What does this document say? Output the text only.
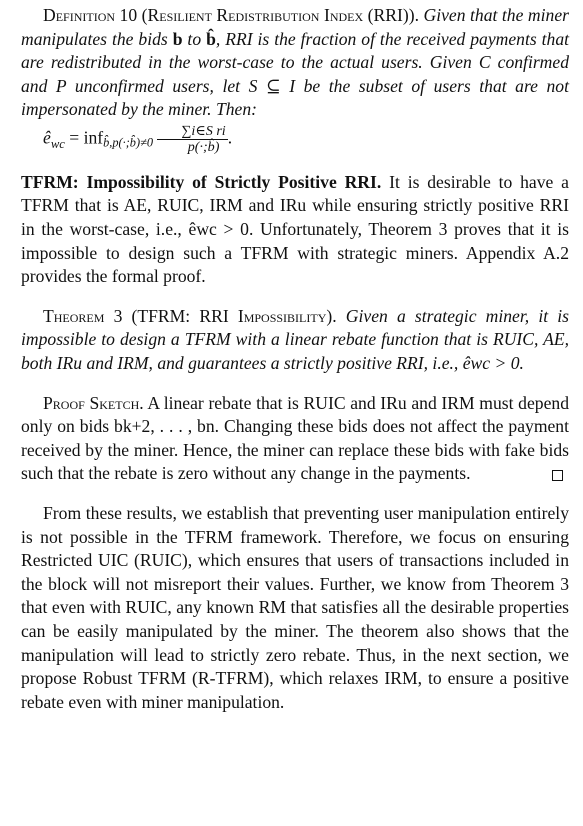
Definition 10 (Resilient Redistribution Index (RRI)). Given that the miner manipulates the bids b to b̂, RRI is the fraction of the received payments that are redistributed in the worst-case to the actual users. Given C confirmed and P unconfirmed users, let S ⊆ I be the subset of users that are not impersonated by the miner. Then:
$ê_{wc}$ = infb̂,p(·;b̂)≠0 $\frac{\text{∑i∈S ri}}{p(\cdot;b̂)}$ .

TFRM: Impossibility of Strictly Positive RRI. It is desirable to have a TFRM that is AE, RUIC, IRM and IRu while ensuring strictly positive RRI in the worst-case, i.e., êwc > 0. Unfortunately, Theorem 3 proves that it is impossible to design such a TFRM with strategic miners. Appendix A.2 provides the formal proof.

Theorem 3 (TFRM: RRI Impossibility). Given a strategic miner, it is impossible to design a TFRM with a linear rebate function that is RUIC, AE, both IRu and IRM, and guarantees a strictly positive RRI, i.e., êwc > 0.

Proof Sketch. A linear rebate that is RUIC and IRu and IRM must depend only on bids bk+2, . . . , bn. Changing these bids does not affect the payment received by the miner. Hence, the miner can replace these bids with fake bids such that the rebate is zero without any change in the payments.

From these results, we establish that preventing user manipulation entirely is not possible in the TFRM framework. Therefore, we focus on ensuring Restricted UIC (RUIC), which ensures that users of transactions included in the block will not misreport their values. Further, we know from Theorem 3 that even with RUIC, any known RM that satisfies all the desirable properties can be easily manipulated by the miner. The theorem also shows that the manipulation will lead to strictly zero rebate. Thus, in the next section, we propose Robust TFRM (R-TFRM), which relaxes IRM, to ensure a positive rebate even with miner manipulation.
